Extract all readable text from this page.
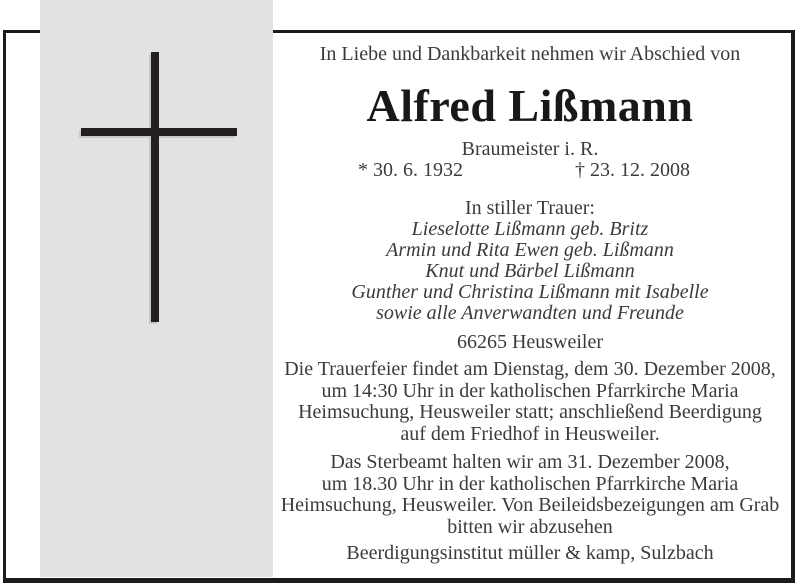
In Liebe und Dankbarkeit nehmen wir Abschied von
Alfred Lißmann
Braumeister i. R.
* 30. 6. 1932	† 23. 12. 2008
In stiller Trauer:
Lieselotte Lißmann geb. Britz
Armin und Rita Ewen geb. Lißmann
Knut und Bärbel Lißmann
Gunther und Christina Lißmann mit Isabelle
sowie alle Anverwandten und Freunde
66265 Heusweiler
Die Trauerfeier findet am Dienstag, dem 30. Dezember 2008,
um 14:30 Uhr in der katholischen Pfarrkirche Maria
Heimsuchung, Heusweiler statt; anschließend Beerdigung
auf dem Friedhof in Heusweiler.
Das Sterbeamt halten wir am 31. Dezember 2008,
um 18.30 Uhr in der katholischen Pfarrkirche Maria
Heimsuchung, Heusweiler. Von Beileidsbezeigungen am Grab
bitten wir abzusehen
Beerdigungsinstitut müller & kamp, Sulzbach
